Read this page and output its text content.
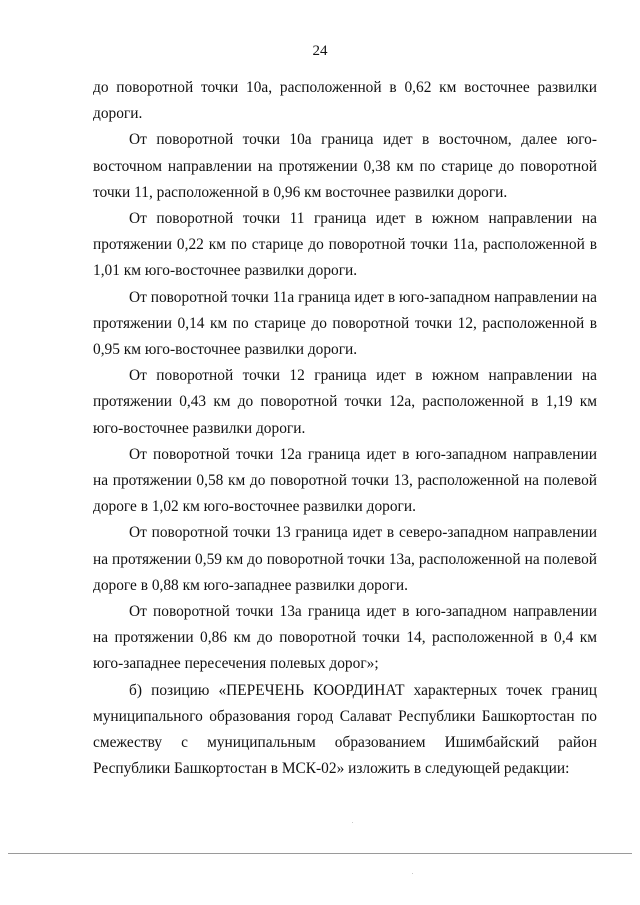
24

до поворотной точки 10а, расположенной в 0,62 км восточнее развилки дороги.

От поворотной точки 10а граница идет в восточном, далее юго-восточном направлении на протяжении 0,38 км по старице до поворотной точки 11, расположенной в 0,96 км восточнее развилки дороги.

От поворотной точки 11 граница идет в южном направлении на протяжении 0,22 км по старице до поворотной точки 11а, расположенной в 1,01 км юго-восточнее развилки дороги.

От поворотной точки 11а граница идет в юго-западном направлении на протяжении 0,14 км по старице до поворотной точки 12, расположенной в 0,95 км юго-восточнее развилки дороги.

От поворотной точки 12 граница идет в южном направлении на протяжении 0,43 км до поворотной точки 12а, расположенной в 1,19 км юго-восточнее развилки дороги.

От поворотной точки 12а граница идет в юго-западном направлении на протяжении 0,58 км до поворотной точки 13, расположенной на полевой дороге в 1,02 км юго-восточнее развилки дороги.

От поворотной точки 13 граница идет в северо-западном направлении на протяжении 0,59 км до поворотной точки 13а, расположенной на полевой дороге в 0,88 км юго-западнее развилки дороги.

От поворотной точки 13а граница идет в юго-западном направлении на протяжении 0,86 км до поворотной точки 14, расположенной в 0,4 км юго-западнее пересечения полевых дорог»;

б) позицию «ПЕРЕЧЕНЬ КООРДИНАТ характерных точек границ муниципального образования город Салават Республики Башкортостан по смежеству с муниципальным образованием Ишимбайский район Республики Башкортостан в МСК-02» изложить в следующей редакции:
